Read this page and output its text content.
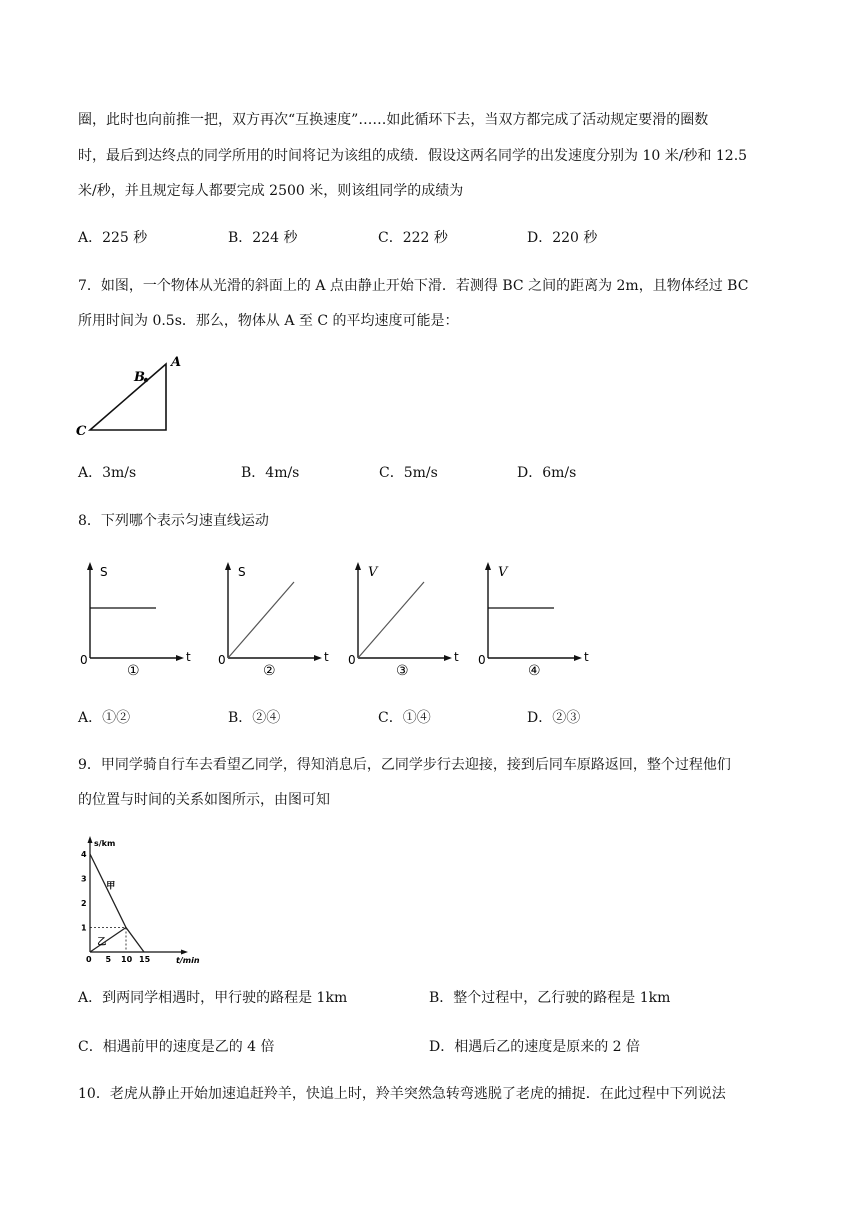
圈，此时也向前推一把，双方再次“互换速度”……如此循环下去，当双方都完成了活动规定要滑的圈数
时，最后到达终点的同学所用的时间将记为该组的成绩．假设这两名同学的出发速度分别为 10 米/秒和 12.5
米/秒，并且规定每人都要完成 2500 米，则该组同学的成绩为
A．225 秒	B．224 秒	C．222 秒	D．220 秒
7．如图，一个物体从光滑的斜面上的 A 点由静止开始下滑．若测得 BC 之间的距离为 2m，且物体经过 BC
所用时间为 0.5s．那么，物体从 A 至 C 的平均速度可能是：
A
B
C
A．3m/s	B．4m/s	C．5m/s	D．6m/s
8．下列哪个表示匀速直线运动
S
t
0
①
S
t
0
②
V
t
0
③
V
t
0
④
A．①②	B．②④	C．①④	D．②③
9．甲同学骑自行车去看望乙同学，得知消息后，乙同学步行去迎接，接到后同车原路返回，整个过程他们
的位置与时间的关系如图所示，由图可知
1
2
3
4
0 5 10 15
s/km
t/min
甲
乙
A．到两同学相遇时，甲行驶的路程是 1km	B．整个过程中，乙行驶的路程是 1km
C．相遇前甲的速度是乙的 4 倍	D．相遇后乙的速度是原来的 2 倍
10．老虎从静止开始加速追赶羚羊，快追上时，羚羊突然急转弯逃脱了老虎的捕捉．在此过程中下列说法
